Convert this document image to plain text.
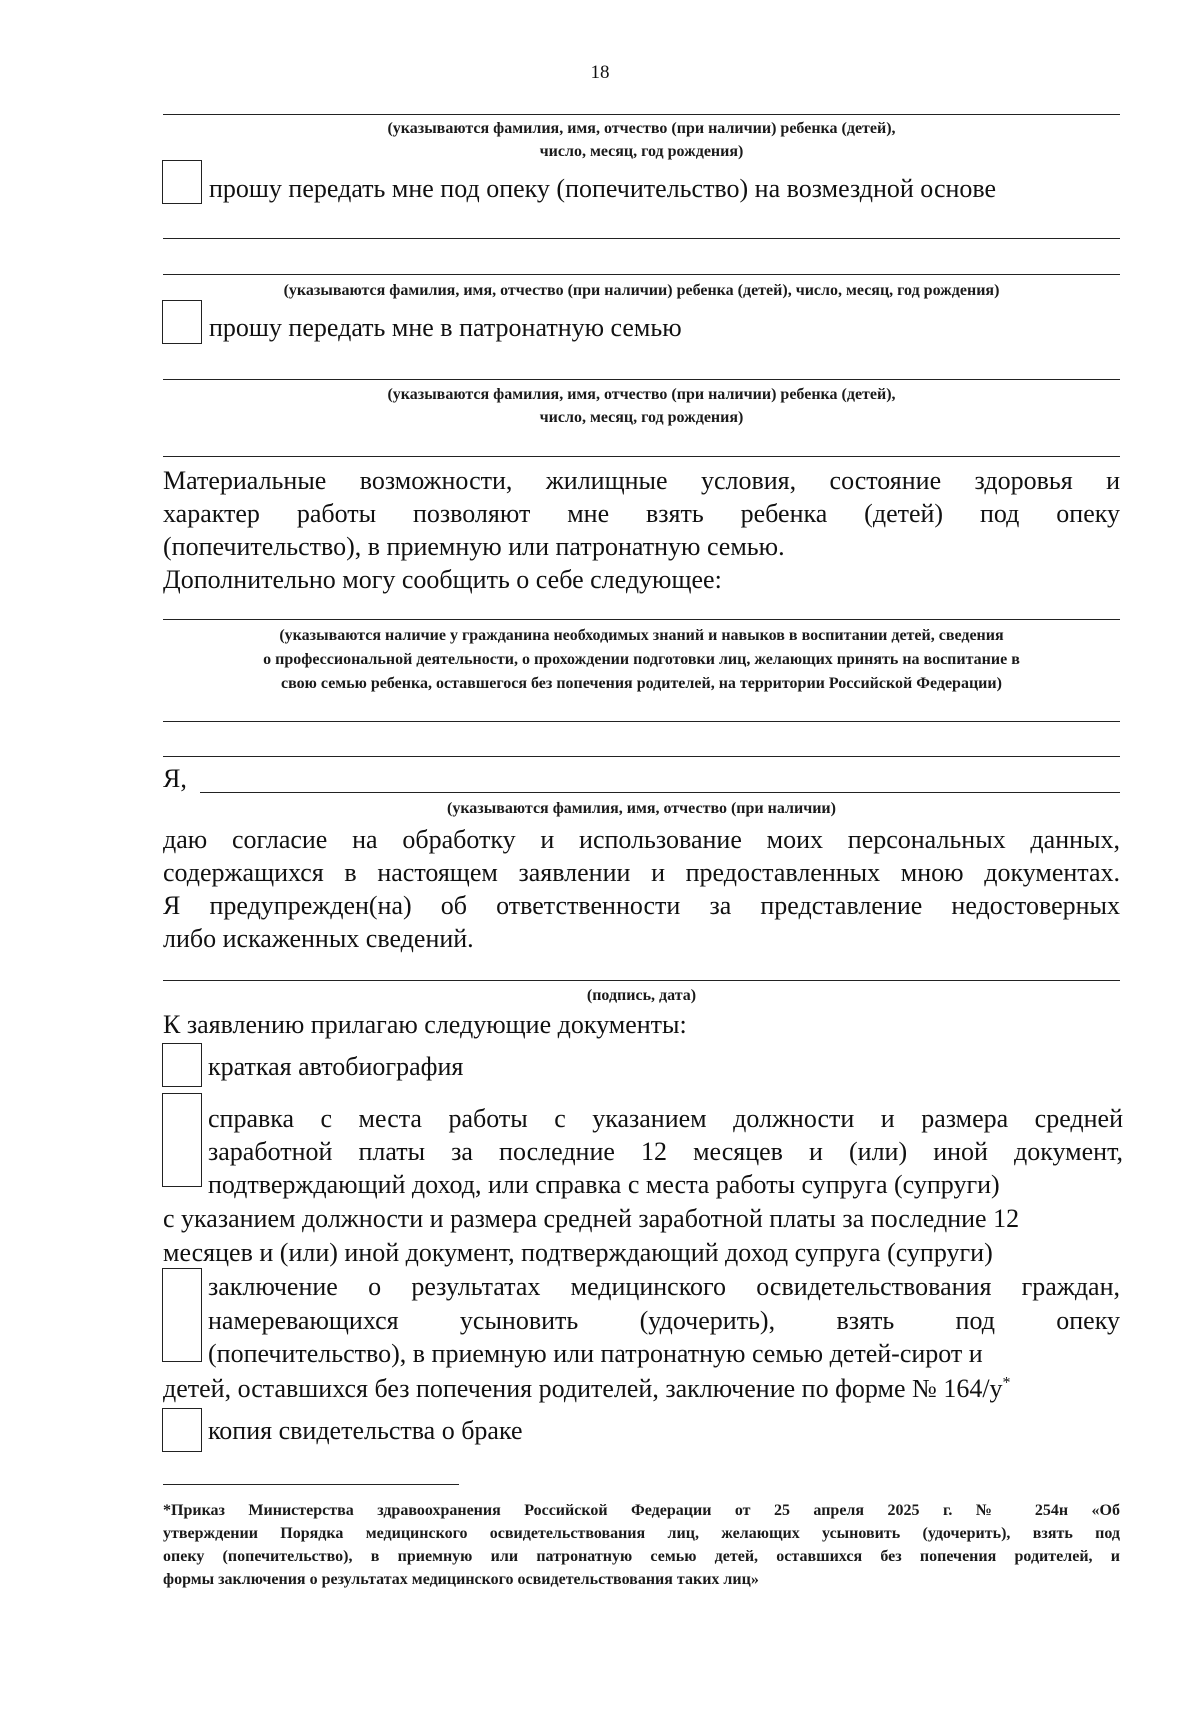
18
(указываются фамилия, имя, отчество (при наличии) ребенка (детей),
число, месяц, год рождения)
прошу передать мне под опеку (попечительство) на возмездной основе
(указываются фамилия, имя, отчество (при наличии) ребенка (детей), число, месяц, год рождения)
прошу передать мне в патронатную семью
(указываются фамилия, имя, отчество (при наличии) ребенка (детей),
число, месяц, год рождения)
Материальные возможности, жилищные условия, состояние здоровья и
характер работы позволяют мне взять ребенка (детей) под опеку
(попечительство), в приемную или патронатную семью.
Дополнительно могу сообщить о себе следующее:
(указываются наличие у гражданина необходимых знаний и навыков в воспитании детей, сведения
о профессиональной деятельности, о прохождении подготовки лиц, желающих принять на воспитание в
свою семью ребенка, оставшегося без попечения родителей, на территории Российской Федерации)
Я,
(указываются фамилия, имя, отчество (при наличии)
даю согласие на обработку и использование моих персональных данных,
содержащихся в настоящем заявлении и предоставленных мною документах.
Я предупрежден(на) об ответственности за представление недостоверных
либо искаженных сведений.
(подпись, дата)
К заявлению прилагаю следующие документы:
краткая автобиография
справка с места работы с указанием должности и размера средней
заработной платы за последние 12 месяцев и (или) иной документ,
подтверждающий доход, или справка с места работы супруга (супруги)
с указанием должности и размера средней заработной платы за последние 12
месяцев и (или) иной документ, подтверждающий доход супруга (супруги)
заключение о результатах медицинского освидетельствования граждан,
намеревающихся усыновить (удочерить), взять под опеку
(попечительство), в приемную или патронатную семью детей-сирот и
детей, оставшихся без попечения родителей, заключение по форме № 164/у*
копия свидетельства о браке
*Приказ Министерства здравоохранения Российской Федерации от 25 апреля 2025 г. № 254н «Об
утверждении Порядка медицинского освидетельствования лиц, желающих усыновить (удочерить), взять под
опеку (попечительство), в приемную или патронатную семью детей, оставшихся без попечения родителей, и
формы заключения о результатах медицинского освидетельствования таких лиц»
